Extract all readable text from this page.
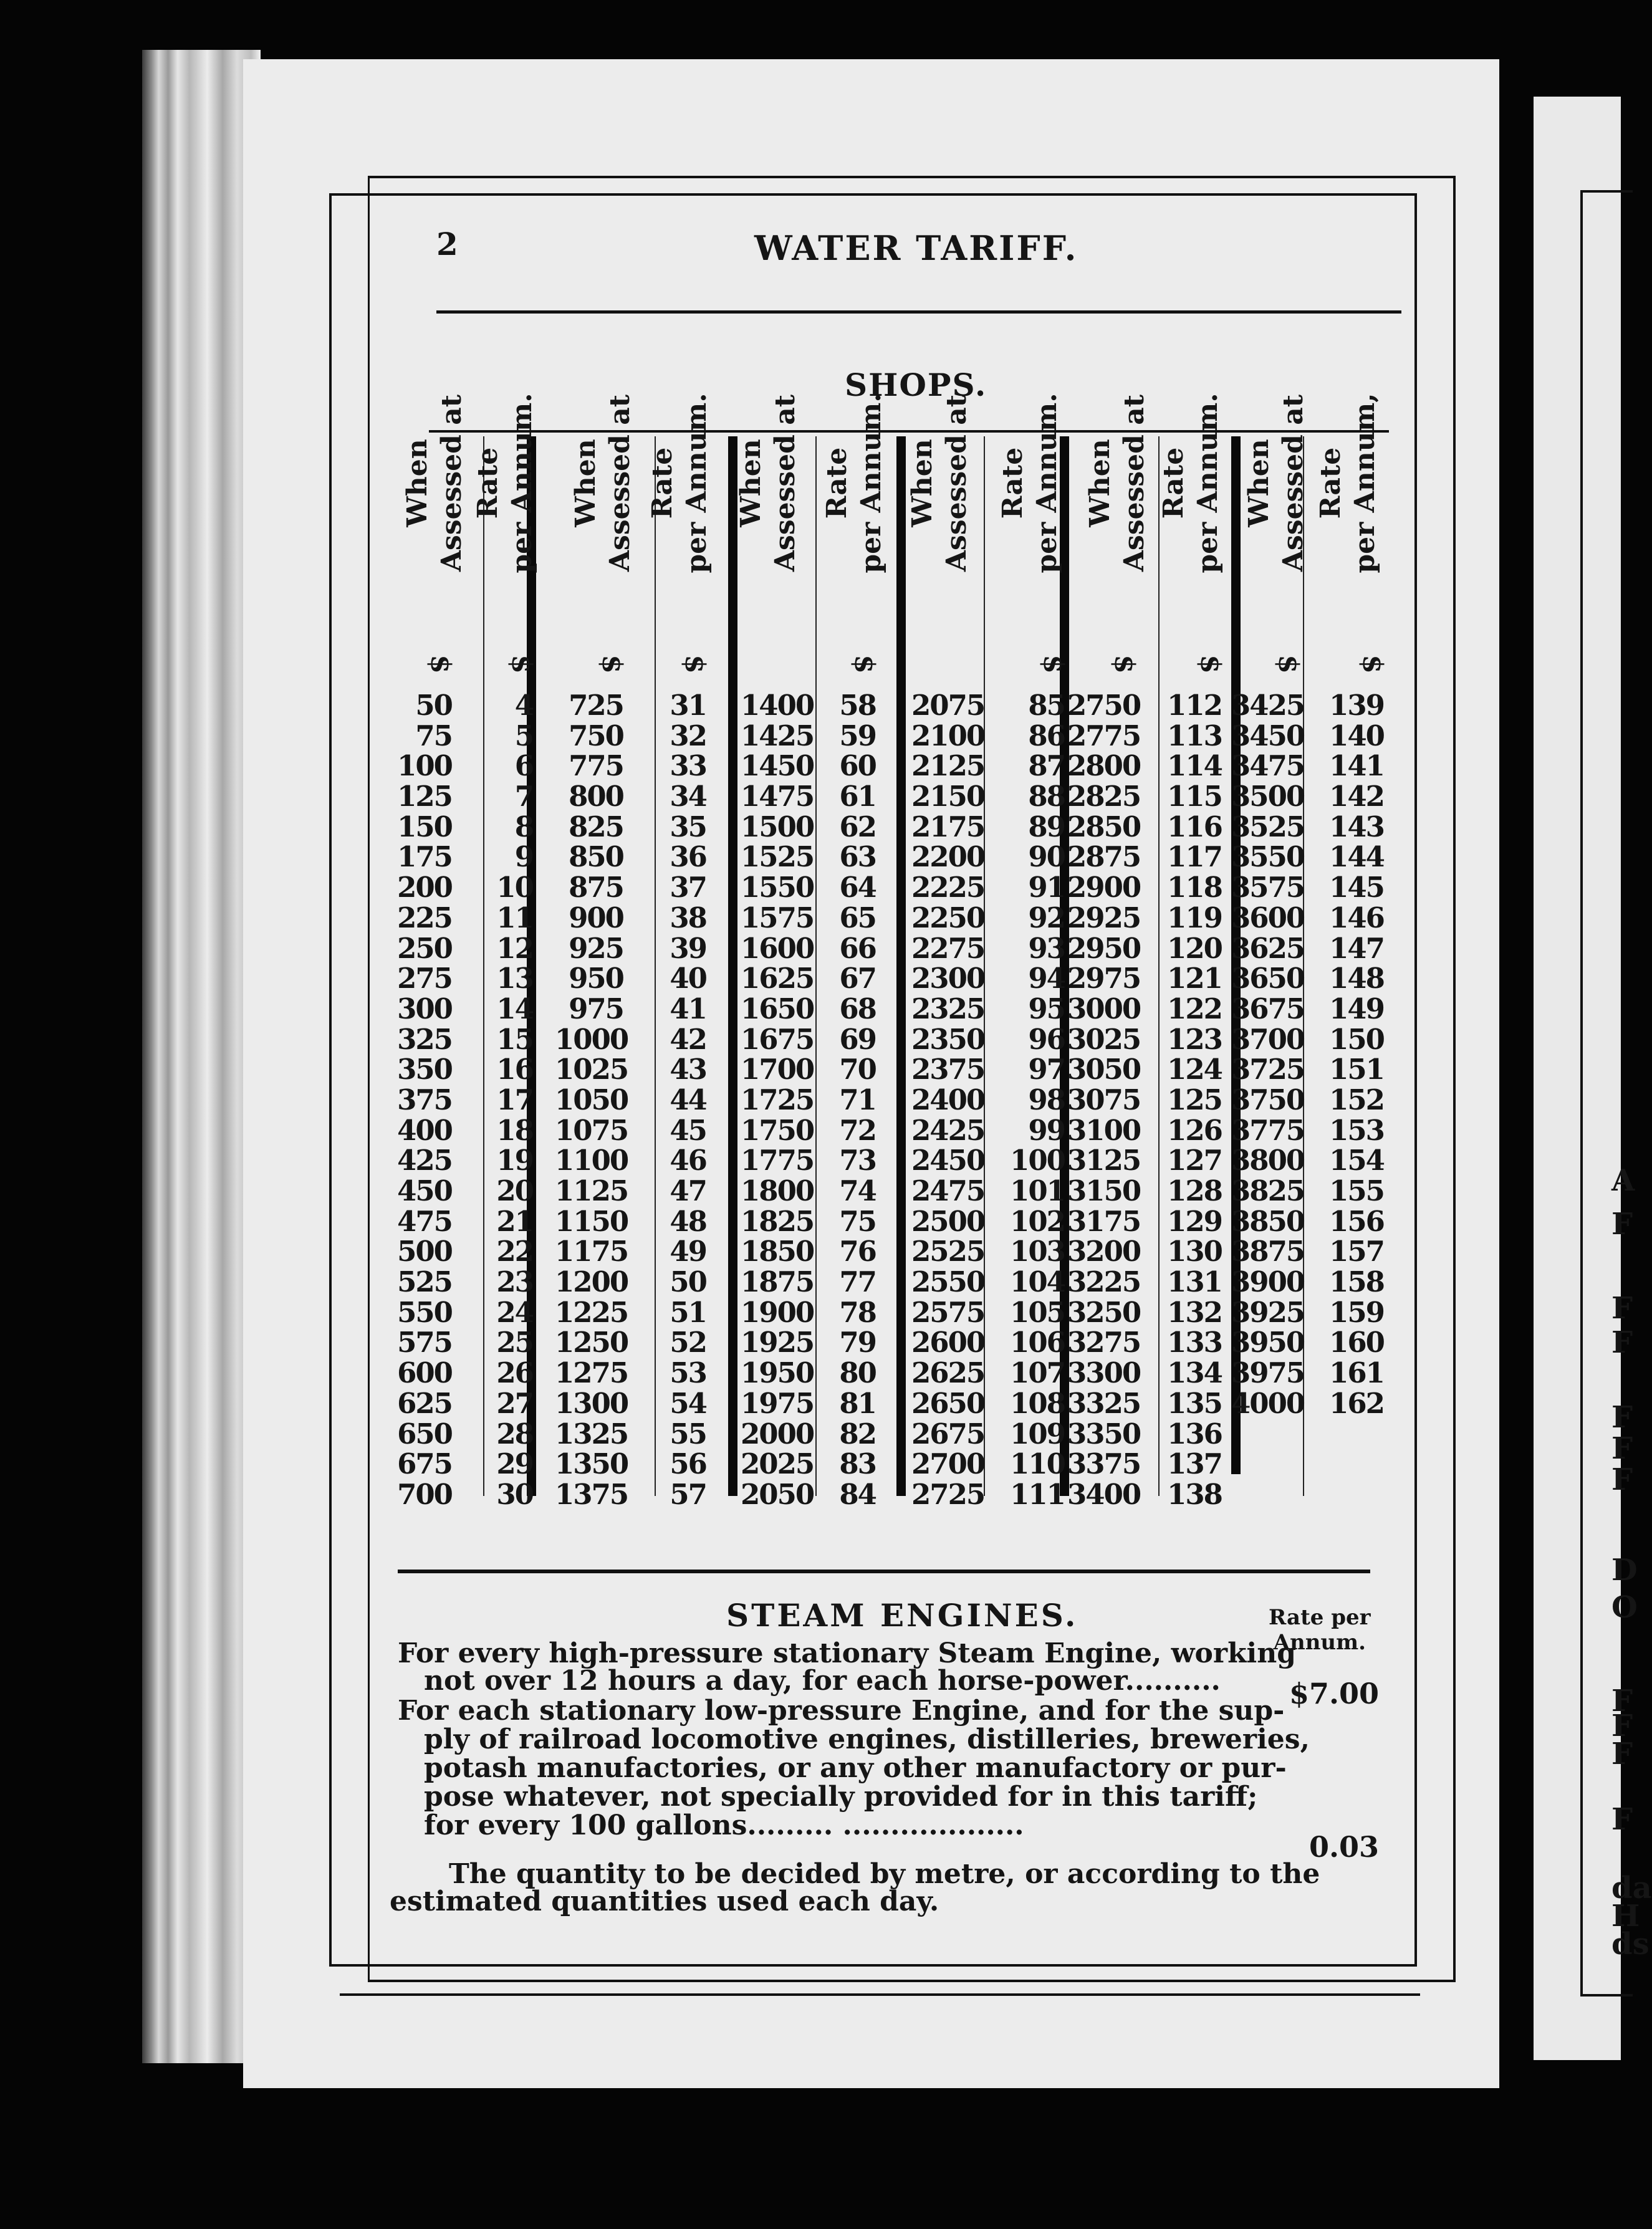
A
F
F
F
F
F
F
D
O
F
F
F
F
da
H
ds
2	WATER TARIFF.
SHOPS.
When Assessed at
$
50
75
100
125
150
175
200
225
250
275
300
325
350
375
400
425
450
475
500
525
550
575
600
625
650
675
700
Rate per Annum.
$
4
5
6
7
8
9
10
11
12
13
14
15
16
17
18
19
20
21
22
23
24
25
26
27
28
29
30
When Assessed at
$
725
750
775
800
825
850
875
900
925
950
975
1000
1025
1050
1075
1100
1125
1150
1175
1200
1225
1250
1275
1300
1325
1350
1375
Rate per Annum.
$
31
32
33
34
35
36
37
38
39
40
41
42
43
44
45
46
47
48
49
50
51
52
53
54
55
56
57
When Assessed at
1400
1425
1450
1475
1500
1525
1550
1575
1600
1625
1650
1675
1700
1725
1750
1775
1800
1825
1850
1875
1900
1925
1950
1975
2000
2025
2050
Rate per Annum.
$
58
59
60
61
62
63
64
65
66
67
68
69
70
71
72
73
74
75
76
77
78
79
80
81
82
83
84
When Assessed at
2075
2100
2125
2150
2175
2200
2225
2250
2275
2300
2325
2350
2375
2400
2425
2450
2475
2500
2525
2550
2575
2600
2625
2650
2675
2700
2725
Rate per Annum.
$
85
86
87
88
89
90
91
92
93
94
95
96
97
98
99
100
101
102
103
104
105
106
107
108
109
110
111
When Assessed at
$
2750
2775
2800
2825
2850
2875
2900
2925
2950
2975
3000
3025
3050
3075
3100
3125
3150
3175
3200
3225
3250
3275
3300
3325
3350
3375
3400
Rate per Annum.
$
112
113
114
115
116
117
118
119
120
121
122
123
124
125
126
127
128
129
130
131
132
133
134
135
136
137
138
When Assessed at
$
3425
3450
3475
3500
3525
3550
3575
3600
3625
3650
3675
3700
3725
3750
3775
3800
3825
3850
3875
3900
3925
3950
3975
4000
Rate per Annum,
$
139
140
141
142
143
144
145
146
147
148
149
150
151
152
153
154
155
156
157
158
159
160
161
162
STEAM ENGINES.	Rate per
Annum.
For every high-pressure stationary Steam Engine, working
not over 12 hours a day, for each horse-power.......... $7.00
For each stationary low-pressure Engine, and for the sup-
ply of railroad locomotive engines, distilleries, breweries,
potash manufactories, or any other manufactory or pur-
pose whatever, not specially provided for in this tariff;
for every 100 gallons......... ...................
0.03
The quantity to be decided by metre, or according to the
estimated quantities used each day.
